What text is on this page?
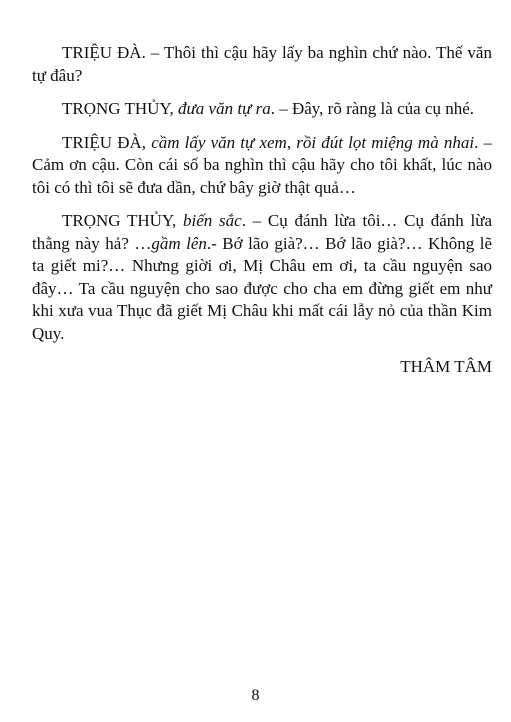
TRIỆU ĐÀ. – Thôi thì cậu hãy lấy ba nghìn chứ nào. Thế văn tự đâu?

TRỌNG THỦY, đưa văn tự ra. – Đây, rõ ràng là của cụ nhé.

TRIỆU ĐÀ, cầm lấy văn tự xem, rồi đút lọt miệng mà nhai. – Cảm ơn cậu. Còn cái số ba nghìn thì cậu hãy cho tôi khất, lúc nào tôi có thì tôi sẽ đưa dần, chứ bây giờ thật quả…

TRỌNG THỦY, biến sắc. – Cụ đánh lừa tôi… Cụ đánh lừa thằng này hả? …gầm lên.- Bớ lão già?… Bớ lão già?… Không lẽ ta giết mi?… Nhưng giời ơi, Mị Châu em ơi, ta cầu nguyện sao đây… Ta cầu nguyện cho sao được cho cha em đừng giết em như khi xưa vua Thục đã giết Mị Châu khi mất cái lẫy nỏ của thần Kim Quy.

THÂM TÂM
8
